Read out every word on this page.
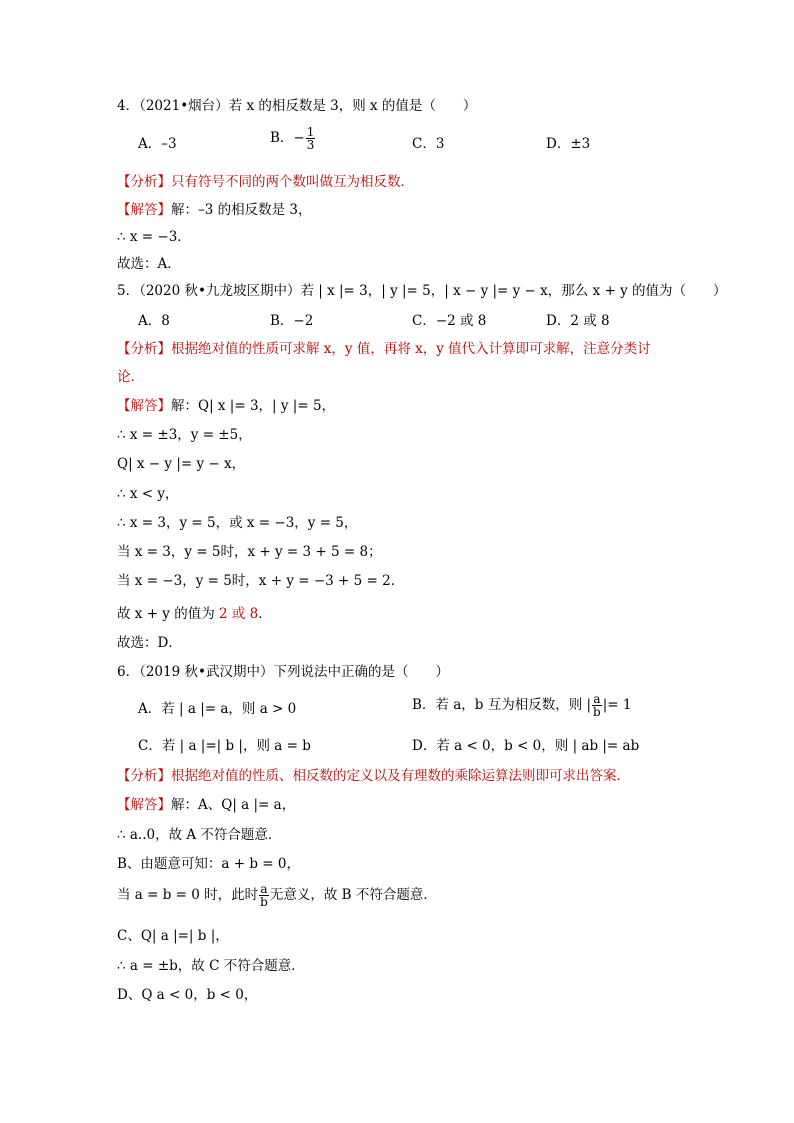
4．（2021•烟台）若 x 的相反数是 3，则 x 的值是（　　）
A．–3	B．− $\frac{1}{3}$	C．3	D．±3
【分析】只有符号不同的两个数叫做互为相反数．
【解答】解：–3 的相反数是 3，
∴ x = −3．
故选：A．
5．（2020 秋•九龙坡区期中）若 | x |= 3，| y |= 5，| x − y |= y − x，那么 x + y 的值为（　　）
A．8	B．−2	C．−2 或 8	D．2 或 8
【分析】根据绝对值的性质可求解 x，y 值，再将 x，y 值代入计算即可求解，注意分类讨
论．
【解答】解：Q| x |= 3，| y |= 5，
∴ x = ±3，y = ±5，
Q| x − y |= y − x，
∴ x < y，
∴ x = 3，y = 5，或 x = −3，y = 5，
当 x = 3，y = 5时，x + y = 3 + 5 = 8；
当 x = −3，y = 5时，x + y = −3 + 5 = 2．
故 x + y 的值为 2 或 8．
故选：D．
6．（2019 秋•武汉期中）下列说法中正确的是（　　）
A．若 | a |= a，则 a > 0	B．若 a，b 互为相反数，则 | $\frac{a}{b}$ |= 1
C．若 | a |=| b |，则 a = b	D．若 a < 0，b < 0，则 | ab |= ab
【分析】根据绝对值的性质、相反数的定义以及有理数的乘除运算法则即可求出答案．
【解答】解：A、Q| a |= a，
∴ a..0，故 A 不符合题意．
B、由题意可知：a + b = 0，
当 a = b = 0 时，此时 $\frac{a}{b}$ 无意义，故 B 不符合题意．
C、Q| a |=| b |，
∴ a = ±b，故 C 不符合题意．
D、Q a < 0，b < 0，
